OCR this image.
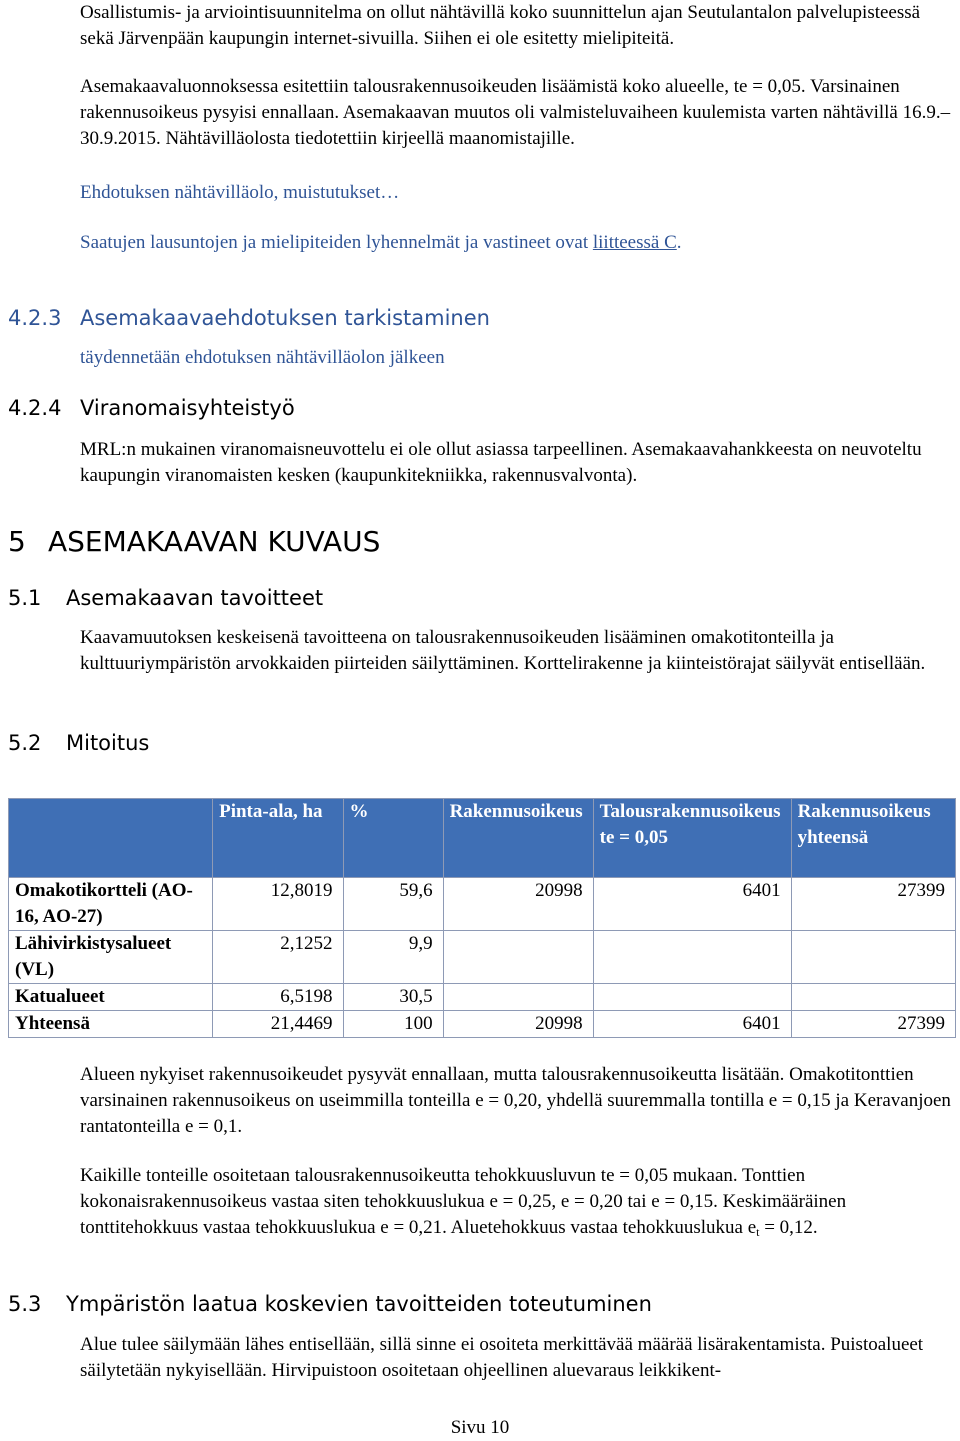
Osallistumis- ja arviointisuunnitelma on ollut nähtävillä koko suunnittelun ajan Seutulantalon palvelupisteessä sekä Järvenpään kaupungin internet-sivuilla. Siihen ei ole esitetty mielipiteitä.

Asemakaavaluonnoksessa esitettiin talousrakennusoikeuden lisäämistä koko alueelle, te = 0,05. Varsinainen rakennusoikeus pysyisi ennallaan. Asemakaavan muutos oli valmisteluvaiheen kuulemista varten nähtävillä 16.9.–30.9.2015. Nähtävilläolosta tiedotettiin kirjeellä maanomistajille.

Ehdotuksen nähtävilläolo, muistutukset…

Saatujen lausuntojen ja mielipiteiden lyhennelmät ja vastineet ovat liitteessä C.

4.2.3 Asemakaavaehdotuksen tarkistaminen

täydennetään ehdotuksen nähtävilläolon jälkeen

4.2.4 Viranomaisyhteistyö

MRL:n mukainen viranomaisneuvottelu ei ole ollut asiassa tarpeellinen. Asemakaavahankkeesta on neuvoteltu kaupungin viranomaisten kesken (kaupunkitekniikka, rakennusvalvonta).

5 ASEMAKAAVAN KUVAUS
5.1 Asemakaavan tavoitteet

Kaavamuutoksen keskeisenä tavoitteena on talousrakennusoikeuden lisääminen omakotitonteilla ja kulttuuriympäristön arvokkaiden piirteiden säilyttäminen. Korttelirakenne ja kiinteistörajat säilyvät entisellään.

5.2 Mitoitus
	Pinta-ala, ha	%	Rakennusoikeus	Talousrakennusoikeus te = 0,05	Rakennusoikeus yhteensä
Omakotikortteli (AO-16, AO-27)	12,8019	59,6	20998	6401	27399
Lähivirkistysalueet (VL)	2,1252	9,9			
Katualueet	6,5198	30,5			
Yhteensä	21,4469	100	20998	6401	27399

Alueen nykyiset rakennusoikeudet pysyvät ennallaan, mutta talousrakennusoikeutta lisätään. Omakotitonttien varsinainen rakennusoikeus on useimmilla tonteilla e = 0,20, yhdellä suuremmalla tontilla e = 0,15 ja Keravanjoen rantatonteilla e = 0,1.

Kaikille tonteille osoitetaan talousrakennusoikeutta tehokkuusluvun te = 0,05 mukaan. Tonttien kokonaisrakennusoikeus vastaa siten tehokkuuslukua e = 0,25, e = 0,20 tai e = 0,15. Keskimääräinen tonttitehokkuus vastaa tehokkuuslukua e = 0,21. Aluetehokkuus vastaa tehokkuuslukua $e_t = 0,12$.

5.3 Ympäristön laatua koskevien tavoitteiden toteutuminen

Alue tulee säilymään lähes entisellään, sillä sinne ei osoiteta merkittävää määrää lisärakentamista. Puistoalueet säilytetään nykyisellään. Hirvipuistoon osoitetaan ohjeellinen aluevaraus leikkikent-

Sivu 10
